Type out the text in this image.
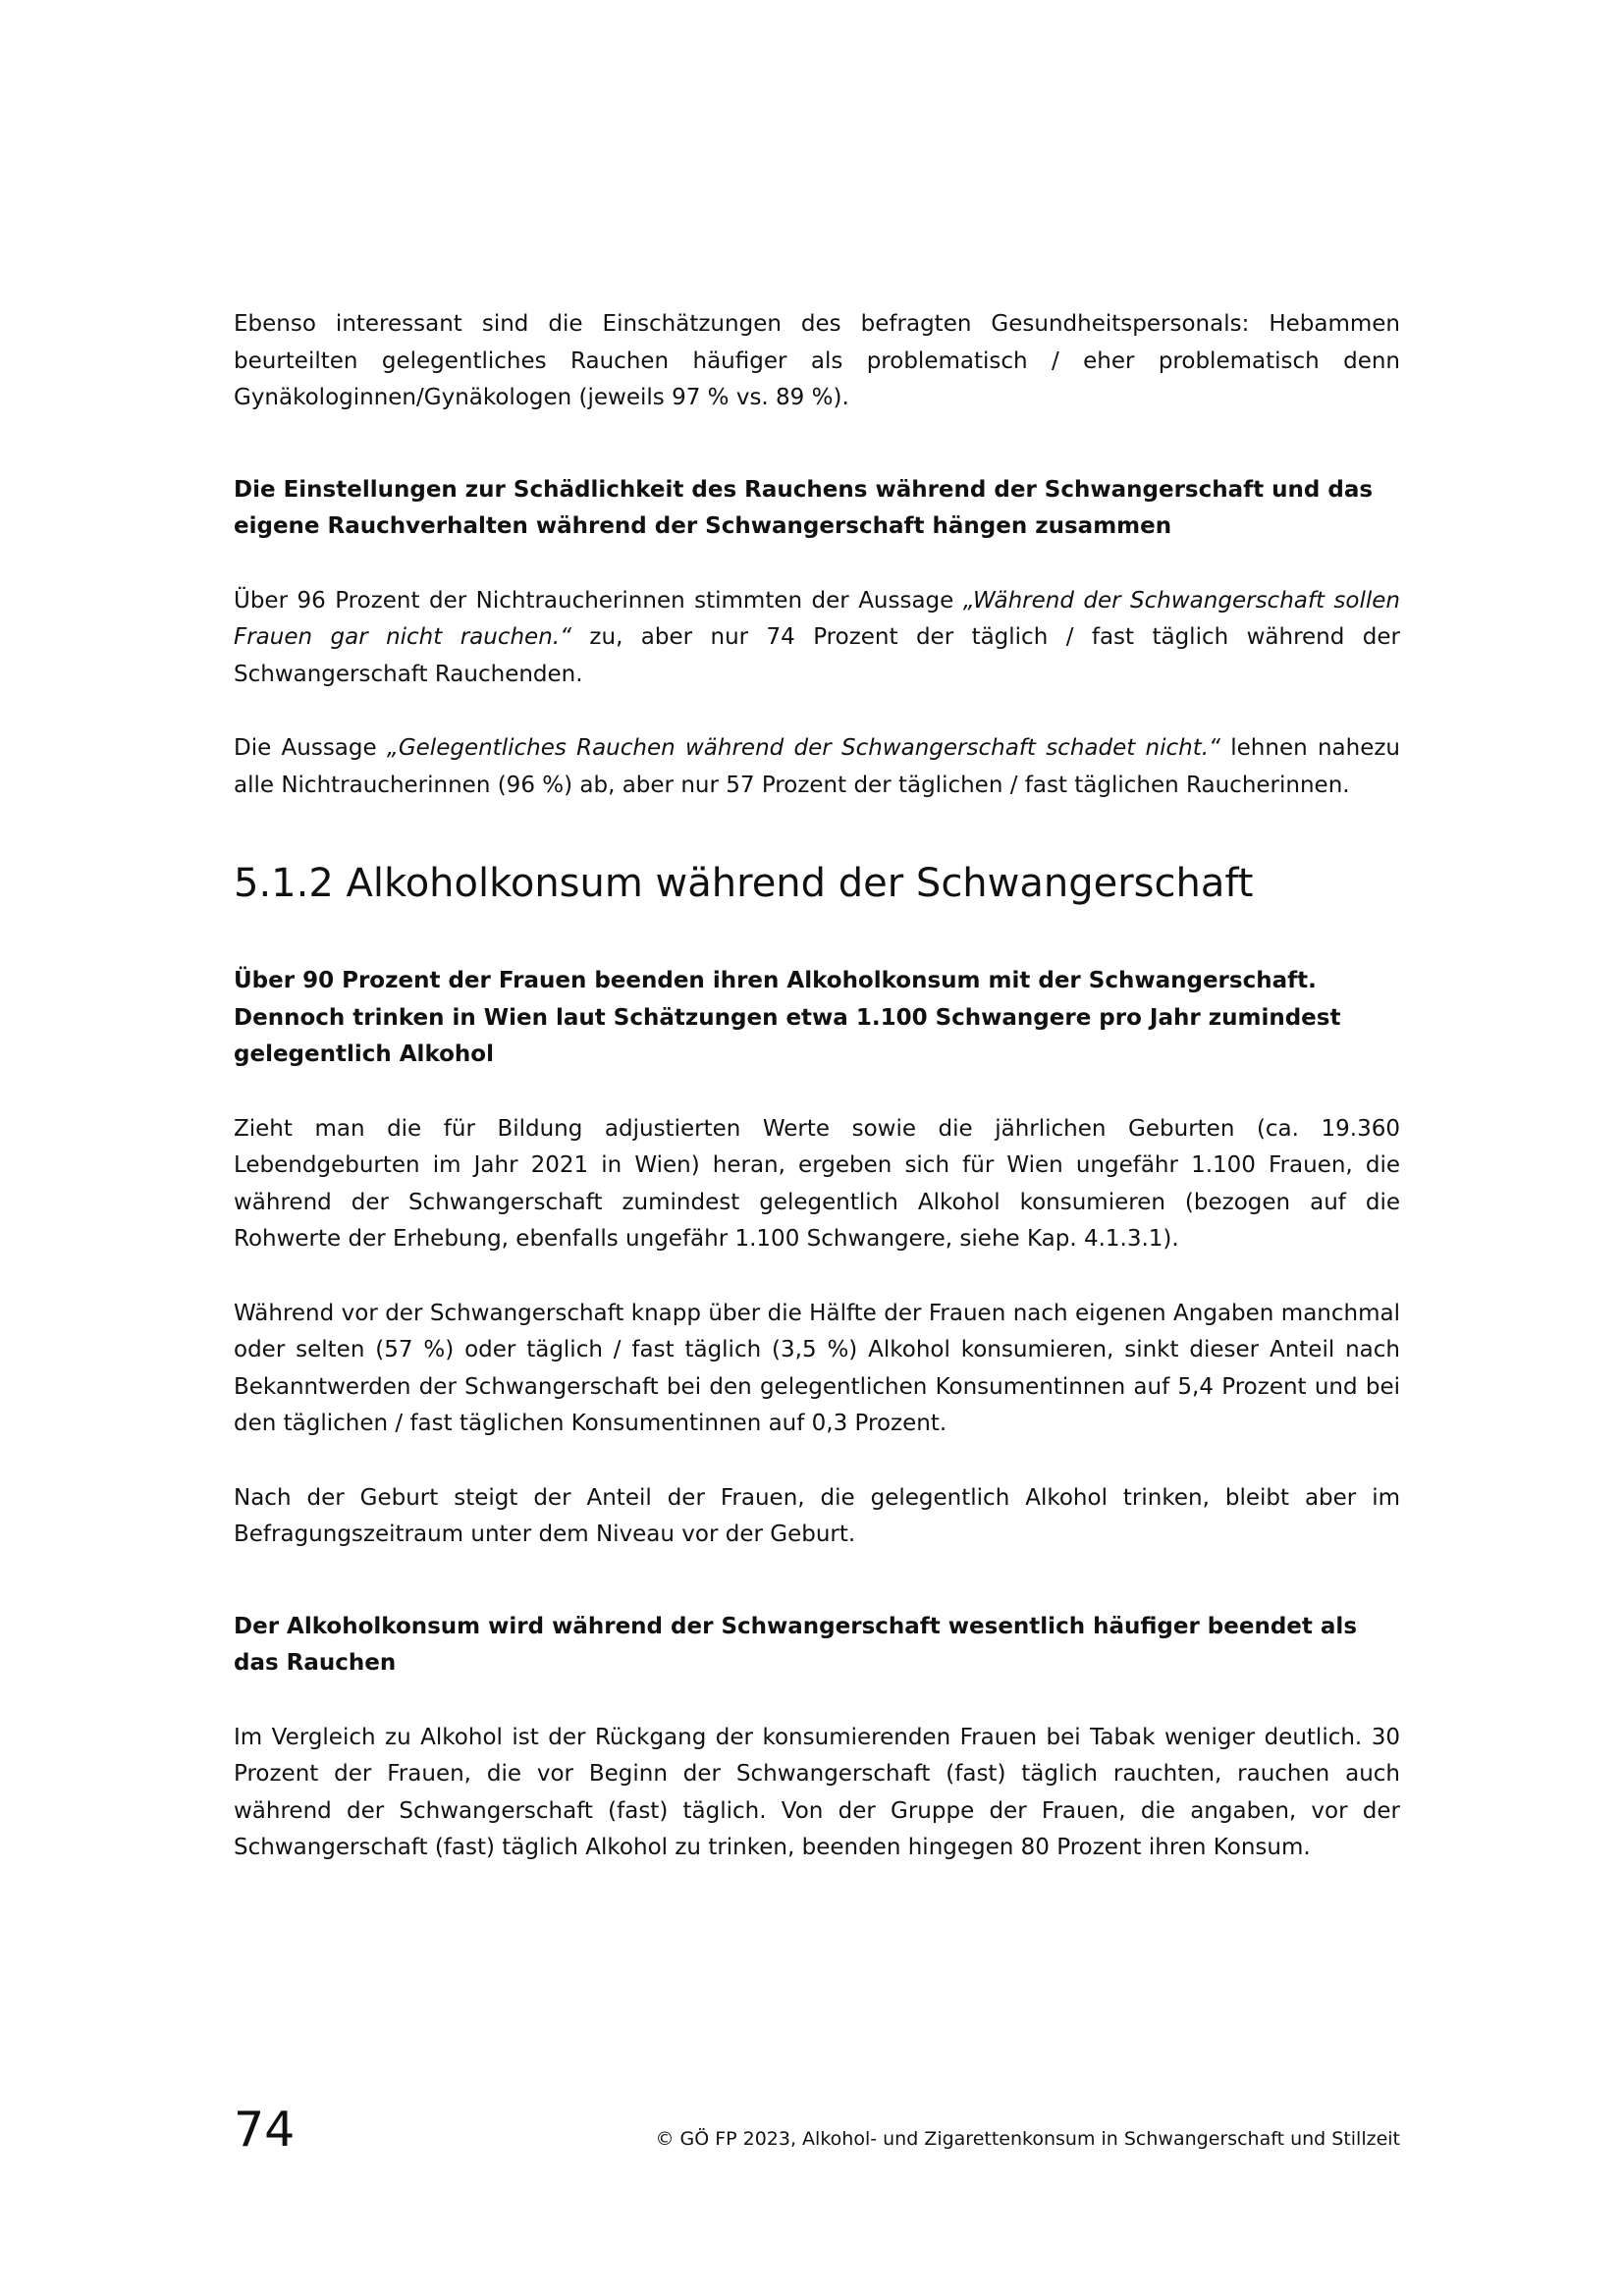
Ebenso interessant sind die Einschätzungen des befragten Gesundheitspersonals: Hebammen beurteilten gelegentliches Rauchen häufiger als problematisch / eher problematisch denn Gynäkologinnen/Gynäkologen (jeweils 97 % vs. 89 %).

Die Einstellungen zur Schädlichkeit des Rauchens während der Schwangerschaft und das eigene Rauchverhalten während der Schwangerschaft hängen zusammen

Über 96 Prozent der Nichtraucherinnen stimmten der Aussage „Während der Schwangerschaft sollen Frauen gar nicht rauchen.“ zu, aber nur 74 Prozent der täglich / fast täglich während der Schwangerschaft Rauchenden.

Die Aussage „Gelegentliches Rauchen während der Schwangerschaft schadet nicht.“ lehnen nahezu alle Nichtraucherinnen (96 %) ab, aber nur 57 Prozent der täglichen / fast täglichen Raucherinnen.

5.1.2 Alkoholkonsum während der Schwangerschaft

Über 90 Prozent der Frauen beenden ihren Alkoholkonsum mit der Schwangerschaft. Dennoch trinken in Wien laut Schätzungen etwa 1.100 Schwangere pro Jahr zumindest gelegentlich Alkohol

Zieht man die für Bildung adjustierten Werte sowie die jährlichen Geburten (ca. 19.360 Lebendgeburten im Jahr 2021 in Wien) heran, ergeben sich für Wien ungefähr 1.100 Frauen, die während der Schwangerschaft zumindest gelegentlich Alkohol konsumieren (bezogen auf die Rohwerte der Erhebung, ebenfalls ungefähr 1.100 Schwangere, siehe Kap. 4.1.3.1).

Während vor der Schwangerschaft knapp über die Hälfte der Frauen nach eigenen Angaben manchmal oder selten (57 %) oder täglich / fast täglich (3,5 %) Alkohol konsumieren, sinkt dieser Anteil nach Bekanntwerden der Schwangerschaft bei den gelegentlichen Konsumentinnen auf 5,4 Prozent und bei den täglichen / fast täglichen Konsumentinnen auf 0,3 Prozent.

Nach der Geburt steigt der Anteil der Frauen, die gelegentlich Alkohol trinken, bleibt aber im Befragungszeitraum unter dem Niveau vor der Geburt.

Der Alkoholkonsum wird während der Schwangerschaft wesentlich häufiger beendet als das Rauchen

Im Vergleich zu Alkohol ist der Rückgang der konsumierenden Frauen bei Tabak weniger deutlich. 30 Prozent der Frauen, die vor Beginn der Schwangerschaft (fast) täglich rauchten, rauchen auch während der Schwangerschaft (fast) täglich. Von der Gruppe der Frauen, die angaben, vor der Schwangerschaft (fast) täglich Alkohol zu trinken, beenden hingegen 80 Prozent ihren Konsum.

74	© GÖ FP 2023, Alkohol- und Zigarettenkonsum in Schwangerschaft und Stillzeit
